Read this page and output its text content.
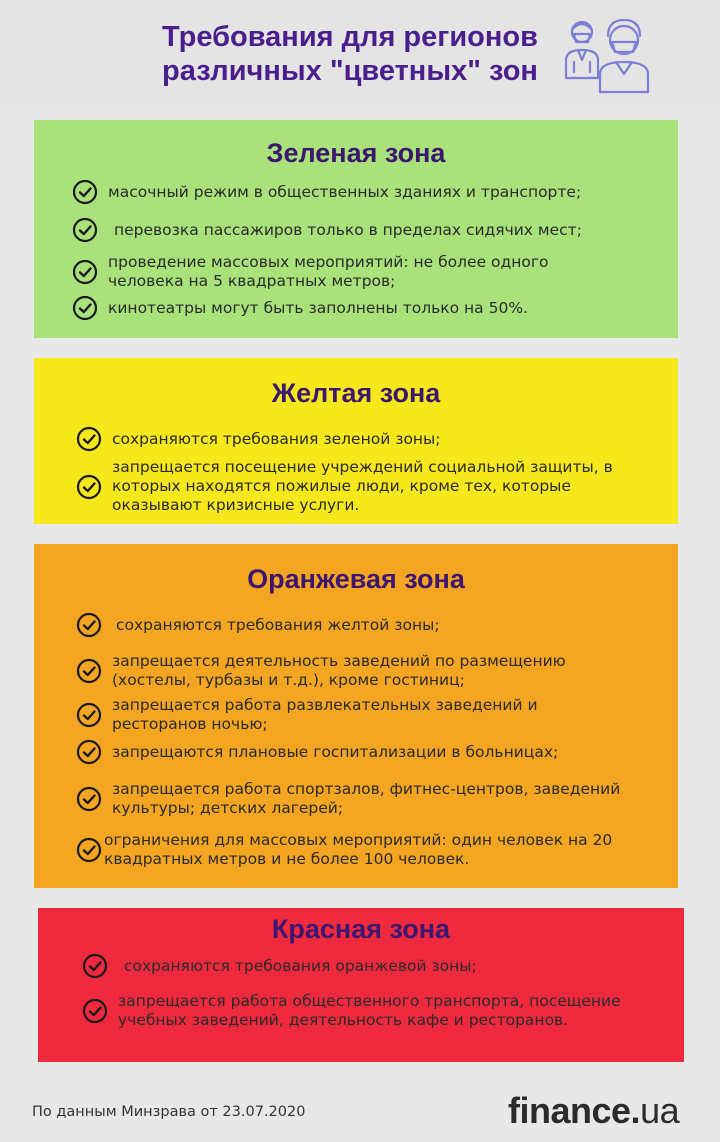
Требования для регионов
различных "цветных" зон
Зеленая зона
масочный режим в общественных зданиях и транспорте;
перевозка пассажиров только в пределах сидячих мест;
проведение массовых мероприятий: не более одного человека на 5 квадратных метров;
кинотеатры могут быть заполнены только на 50%.
Желтая зона
сохраняются требования зеленой зоны;
запрещается посещение учреждений социальной защиты, в которых находятся пожилые люди, кроме тех, которые оказывают кризисные услуги.
Оранжевая зона
сохраняются требования желтой зоны;
запрещается деятельность заведений по размещению (хостелы, турбазы и т.д.), кроме гостиниц;
запрещается работа развлекательных заведений и ресторанов ночью;
запрещаются плановые госпитализации в больницах;
запрещается работа спортзалов, фитнес-центров, заведений культуры; детских лагерей;
ограничения для массовых мероприятий: один человек на 20 квадратных метров и не более 100 человек.
Красная зона
сохраняются требования оранжевой зоны;
запрещается работа общественного транспорта, посещение учебных заведений, деятельность кафе и ресторанов.
По данным Минзрава от 23.07.2020	finance.ua
